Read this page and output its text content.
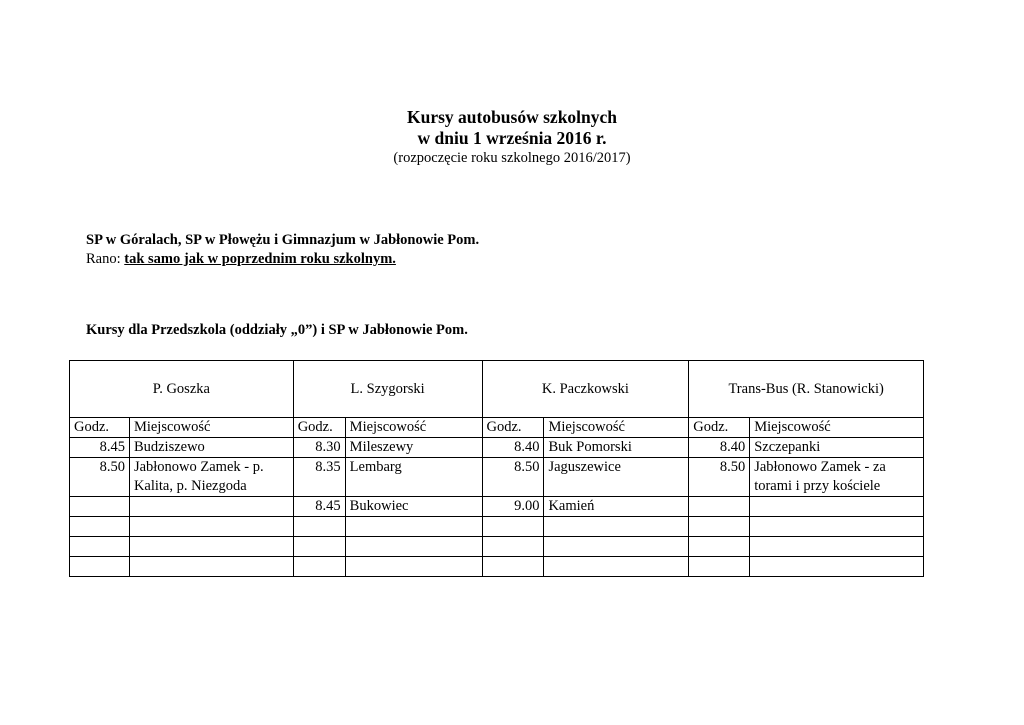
Kursy autobusów szkolnych
w dniu 1 września 2016 r.
(rozpoczęcie roku szkolnego 2016/2017)
SP w Góralach, SP w Płowężu i Gimnazjum w Jabłonowie Pom.
Rano: tak samo jak w poprzednim roku szkolnym.
Kursy dla Przedszkola (oddziały „0”) i SP w Jabłonowie Pom.
P. Goszka		L. Szygorski		K. Paczkowski		Trans-Bus (R. Stanowicki)	
Godz.	Miejscowość	Godz.	Miejscowość	Godz.	Miejscowość	Godz.	Miejscowość
8.45	Budziszewo	8.30	Mileszewy	8.40	Buk Pomorski	8.40	Szczepanki
8.50	Jabłonowo Zamek - p. Kalita, p. Niezgoda	8.35	Lembarg	8.50	Jaguszewice	8.50	Jabłonowo Zamek - za torami i przy kościele
		8.45	Bukowiec	9.00	Kamień		
